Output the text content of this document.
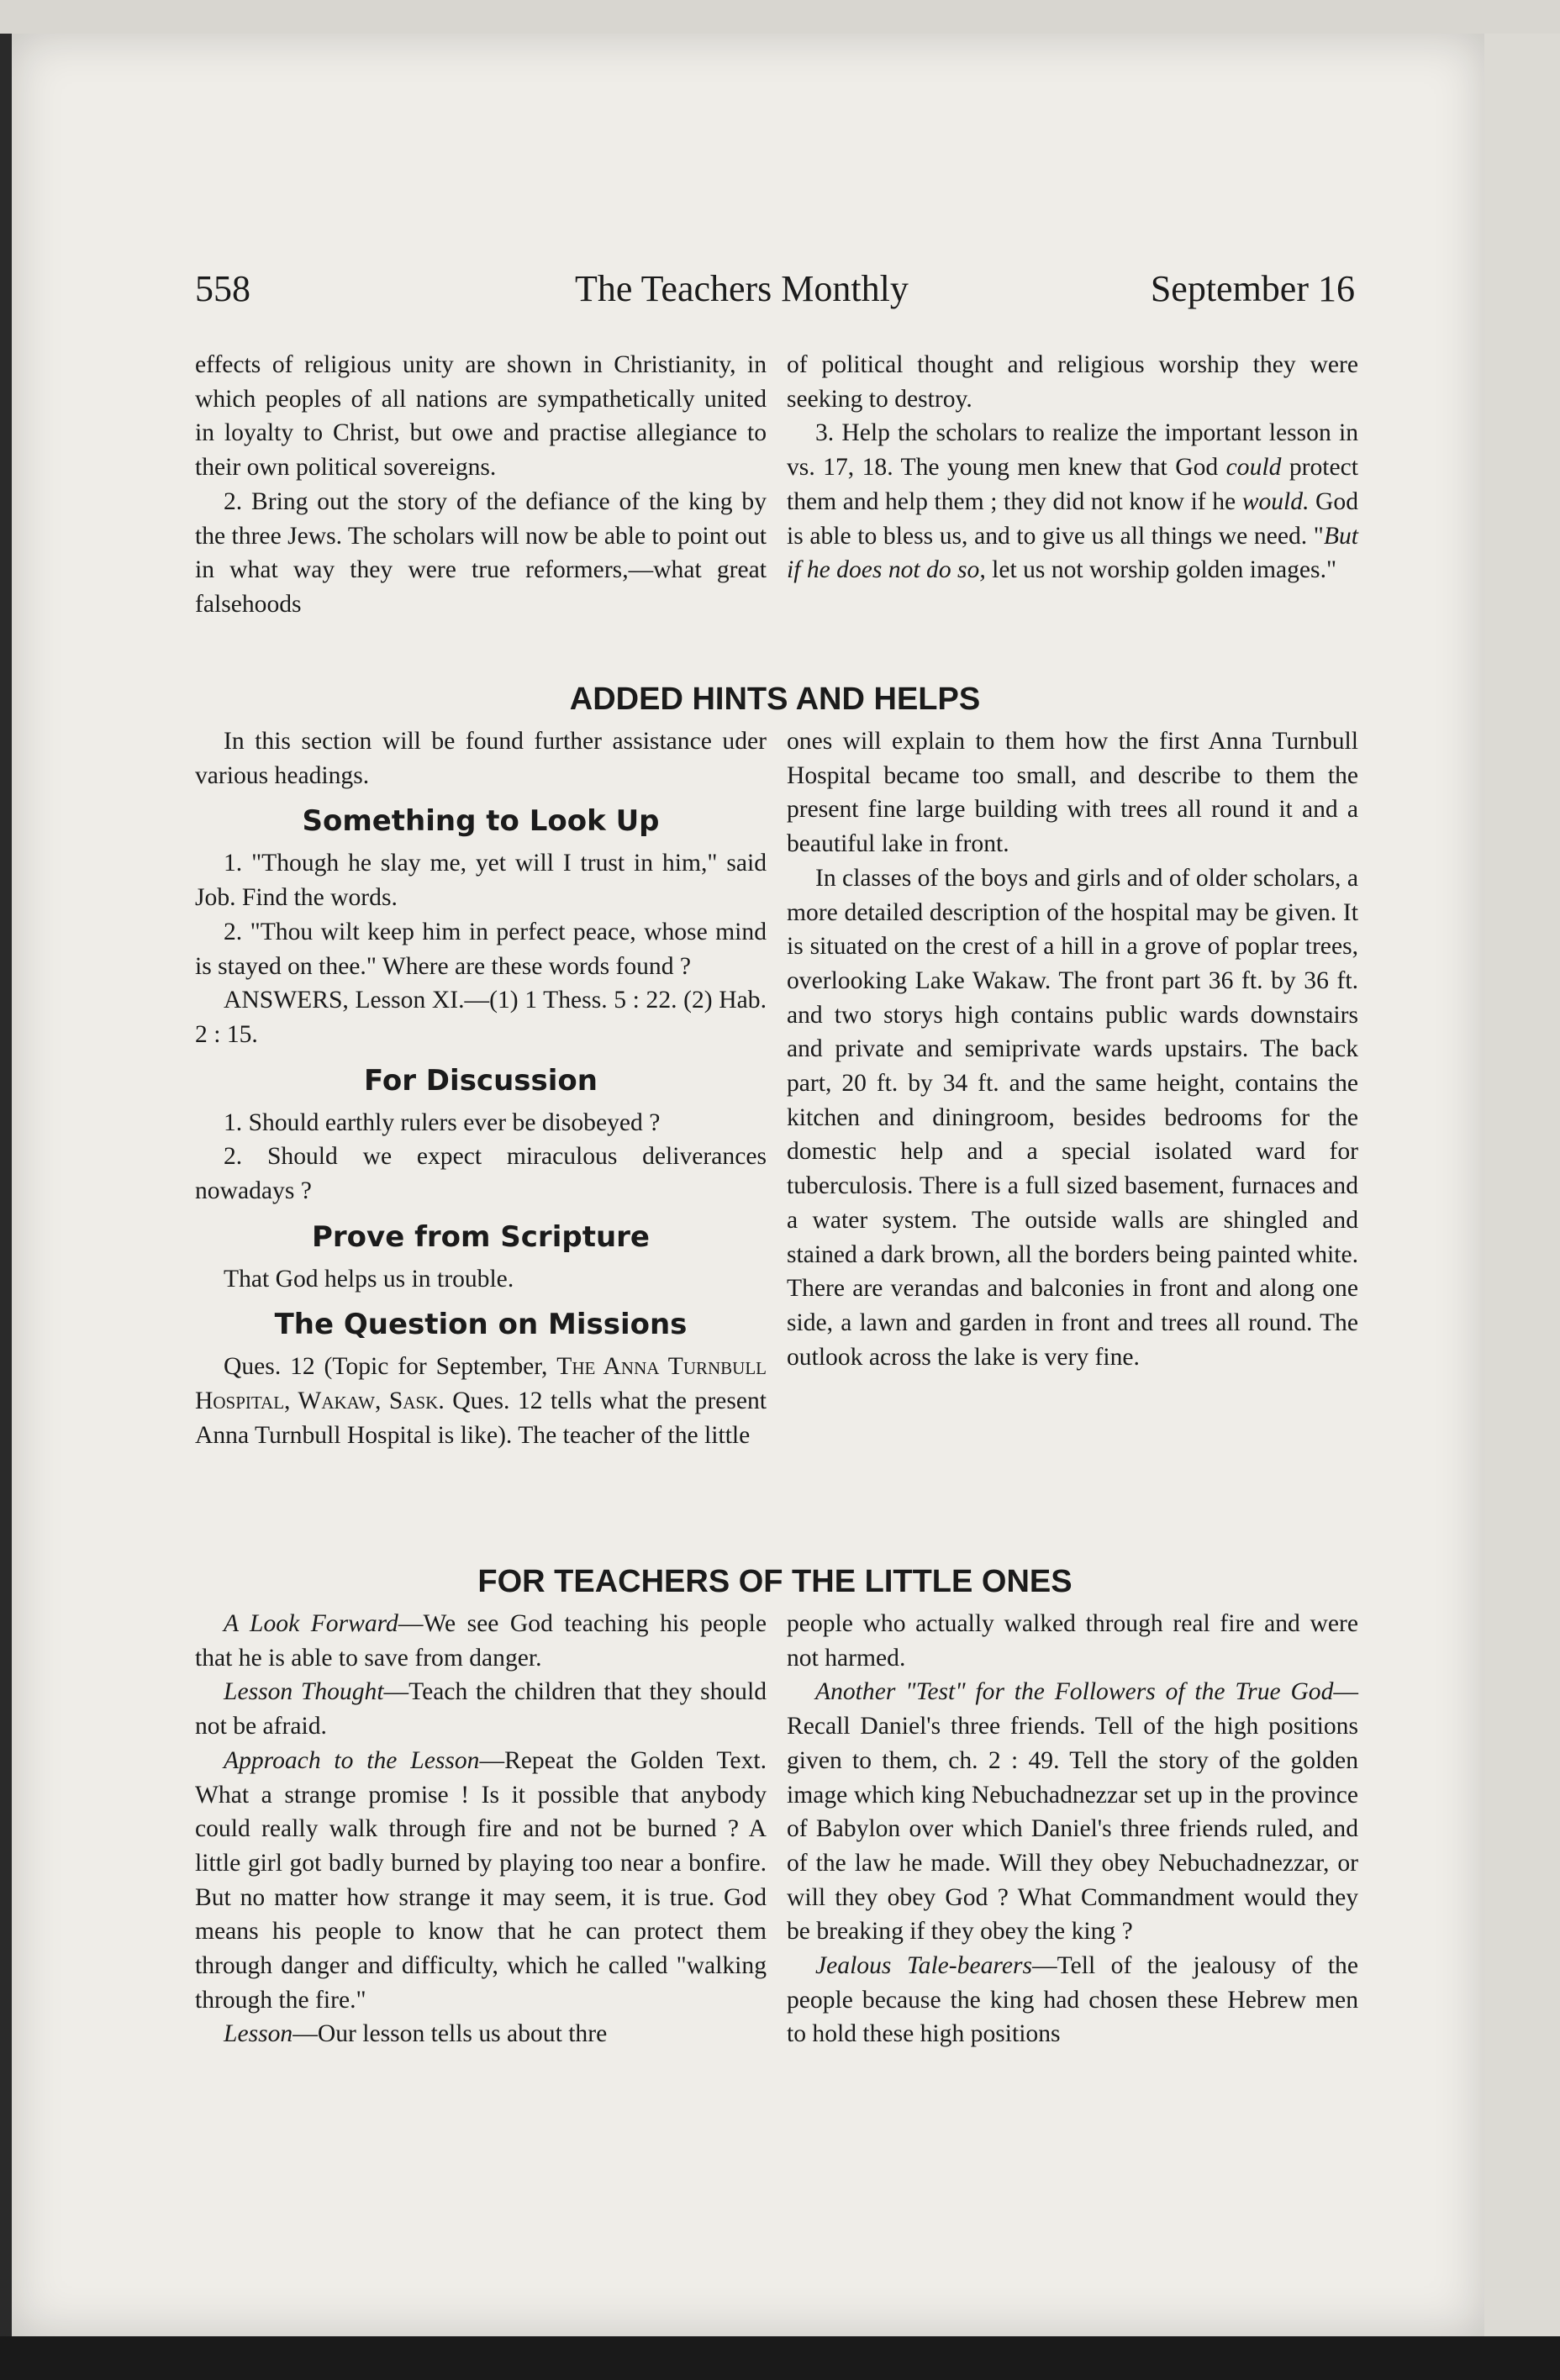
558	The Teachers Monthly	September 16

effects of religious unity are shown in Christianity, in which peoples of all nations are sympathetically united in loyalty to Christ, but owe and practise allegiance to their own political sovereigns.

2. Bring out the story of the defiance of the king by the three Jews. The scholars will now be able to point out in what way they were true reformers,—what great falsehoods

of political thought and religious worship they were seeking to destroy.

3. Help the scholars to realize the important lesson in vs. 17, 18. The young men knew that God could protect them and help them ; they did not know if he would. God is able to bless us, and to give us all things we need. "But if he does not do so, let us not worship golden images."

ADDED HINTS AND HELPS

In this section will be found further assistance uder various headings.

Something to Look Up

1. "Though he slay me, yet will I trust in him," said Job. Find the words.

2. "Thou wilt keep him in perfect peace, whose mind is stayed on thee." Where are these words found ?

ANSWERS, Lesson XI.—(1) 1 Thess. 5 : 22. (2) Hab. 2 : 15.

For Discussion

1. Should earthly rulers ever be disobeyed ?

2. Should we expect miraculous deliverances nowadays ?

Prove from Scripture

That God helps us in trouble.

The Question on Missions

Ques. 12 (Topic for September, The Anna Turnbull Hospital, Wakaw, Sask. Ques. 12 tells what the present Anna Turnbull Hospital is like). The teacher of the little

ones will explain to them how the first Anna Turnbull Hospital became too small, and describe to them the present fine large building with trees all round it and a beautiful lake in front.

In classes of the boys and girls and of older scholars, a more detailed description of the hospital may be given. It is situated on the crest of a hill in a grove of poplar trees, overlooking Lake Wakaw. The front part 36 ft. by 36 ft. and two storys high contains public wards downstairs and private and semiprivate wards upstairs. The back part, 20 ft. by 34 ft. and the same height, contains the kitchen and diningroom, besides bedrooms for the domestic help and a special isolated ward for tuberculosis. There is a full sized basement, furnaces and a water system. The outside walls are shingled and stained a dark brown, all the borders being painted white. There are verandas and balconies in front and along one side, a lawn and garden in front and trees all round. The outlook across the lake is very fine.

FOR TEACHERS OF THE LITTLE ONES

A Look Forward—We see God teaching his people that he is able to save from danger.

Lesson Thought—Teach the children that they should not be afraid.

Approach to the Lesson—Repeat the Golden Text. What a strange promise ! Is it possible that anybody could really walk through fire and not be burned ? A little girl got badly burned by playing too near a bonfire. But no matter how strange it may seem, it is true. God means his people to know that he can protect them through danger and difficulty, which he called "walking through the fire."

Lesson—Our lesson tells us about thre

people who actually walked through real fire and were not harmed.

Another "Test" for the Followers of the True God—Recall Daniel's three friends. Tell of the high positions given to them, ch. 2 : 49. Tell the story of the golden image which king Nebuchadnezzar set up in the province of Babylon over which Daniel's three friends ruled, and of the law he made. Will they obey Nebuchadnezzar, or will they obey God ? What Commandment would they be breaking if they obey the king ?

Jealous Tale-bearers—Tell of the jealousy of the people because the king had chosen these Hebrew men to hold these high positions
